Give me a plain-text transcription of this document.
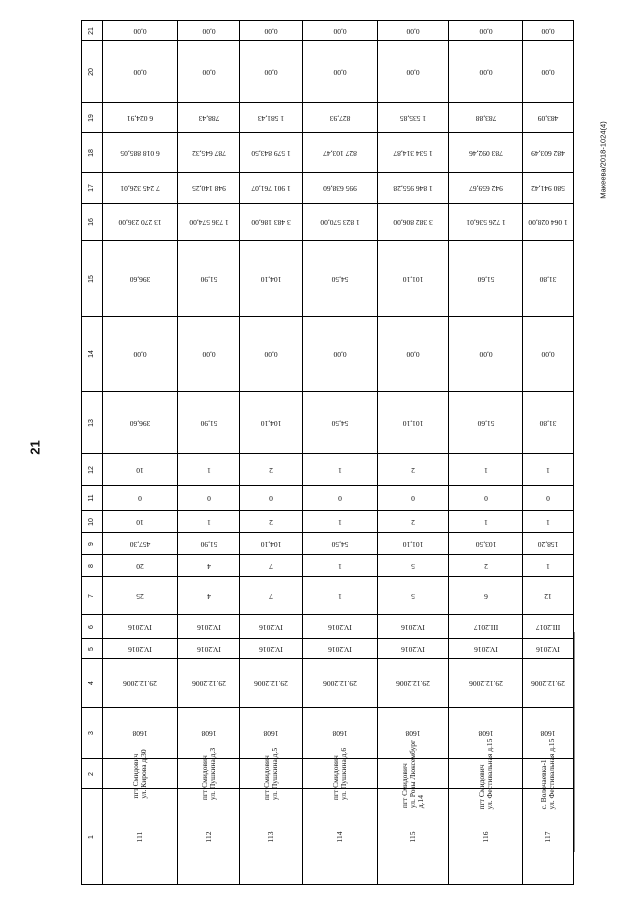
21
Макеева/2018-1024(4)
21	0,00	0,00	0,00	0,00	0,00	0,00	0,00

20	0,00	0,00	0,00	0,00	0,00	0,00	0,00

19	6 024,91	788,43	1 581,43	827,93	1 535,85	783,88	483,09

18	6 018 885,05	787 645,32	1 579 843,50	827 103,47	1 534 314,87	783 092,46	482 603,49

17	7 245 326,01	948 140,25	1 901 761,07	995 638,60	1 846 955,28	942 659,67	580 941,42

16	13 270 236,00	1 736 574,00	3 483 186,00	1 823 570,00	3 382 806,00	1 726 536,01	1 064 028,00

15	396,60	51,90	104,10	54,50	101,10	51,60	31,80

14	0,00	0,00	0,00	0,00	0,00	0,00	0,00

13	396,60	51,90	104,10	54,50	101,10	51,60	31,80

12	10	1	2	1	2	1	1

11	0	0	0	0	0	0	0

10	10	1	2	1	2	1	1

9	457,30	51,90	104,10	54,50	101,10	103,50	158,20

8	20	4	7	1	5	2	1

7	25	4	7	1	5	6	12

6	IV.2016	IV.2016	IV.2016	IV.2016	IV.2016	III.2017	III.2017

5	IV.2016	IV.2016	IV.2016	IV.2016	IV.2016	IV.2016	IV.2016

4	29.12.2006	29.12.2006	29.12.2006	29.12.2006	29.12.2006	29.12.2006	29.12.2006

3	1608	1608	1608	1608	1608	1608	1608

2	пгт Смидович
ул. Кирова д.30	пгт Смидович
ул. Пушкина д.3	пгт Смидович
ул. Пушкина д.5	пгт Смидович
ул. Пушкина д.6	пгт Смидович
ул. Розы Люксембург
д.14	пгт Смидович
ул. Фестивальная д.15	с. Волочаевка-1
ул. Фестивальная д.15

1	111	112	113	114	115	116	117
